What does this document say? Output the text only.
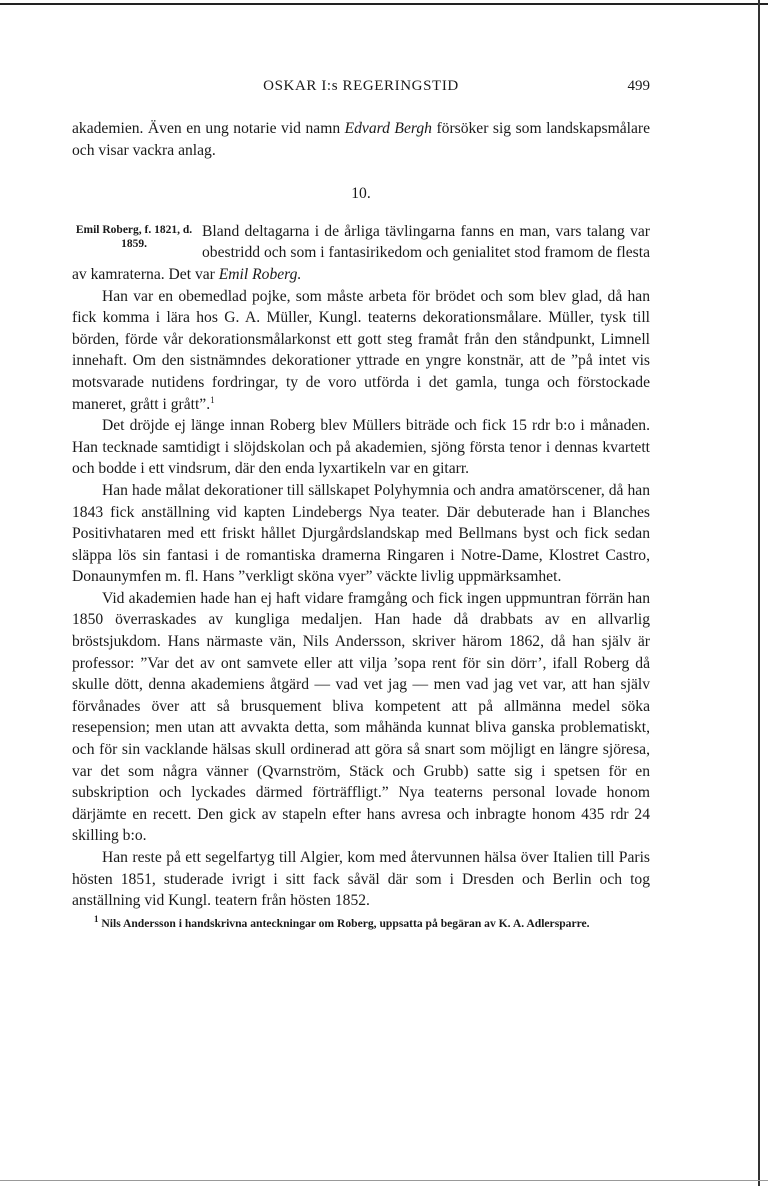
OSKAR I:s REGERINGSTID	499

akademien. Även en ung notarie vid namn Edvard Bergh försöker sig som landskapsmålare och visar vackra anlag.

10.

Emil Roberg, f. 1821, d. 1859.
Bland deltagarna i de årliga tävlingarna fanns en man, vars talang var obestridd och som i fantasirikedom och genialitet stod framom de flesta av kamraterna. Det var Emil Roberg.

Han var en obemedlad pojke, som måste arbeta för brödet och som blev glad, då han fick komma i lära hos G. A. Müller, Kungl. teaterns dekorationsmålare. Müller, tysk till börden, förde vår dekorationsmålarkonst ett gott steg framåt från den ståndpunkt, Limnell innehaft. Om den sistnämndes dekorationer yttrade en yngre konstnär, att de ”på intet vis motsvarade nutidens fordringar, ty de voro utförda i det gamla, tunga och förstockade maneret, grått i grått”.$^1$

Det dröjde ej länge innan Roberg blev Müllers biträde och fick 15 rdr b:o i månaden. Han tecknade samtidigt i slöjdskolan och på akademien, sjöng första tenor i dennas kvartett och bodde i ett vindsrum, där den enda lyxartikeln var en gitarr.

Han hade målat dekorationer till sällskapet Polyhymnia och andra amatörscener, då han 1843 fick anställning vid kapten Lindebergs Nya teater. Där debuterade han i Blanches Positivhataren med ett friskt hållet Djurgårdslandskap med Bellmans byst och fick sedan släppa lös sin fantasi i de romantiska dramerna Ringaren i Notre-Dame, Klostret Castro, Donaunymfen m. fl. Hans ”verkligt sköna vyer” väckte livlig uppmärksamhet.

Vid akademien hade han ej haft vidare framgång och fick ingen uppmuntran förrän han 1850 överraskades av kungliga medaljen. Han hade då drabbats av en allvarlig bröstsjukdom. Hans närmaste vän, Nils Andersson, skriver härom 1862, då han själv är professor: ”Var det av ont samvete eller att vilja ’sopa rent för sin dörr’, ifall Roberg då skulle dött, denna akademiens åtgärd — vad vet jag — men vad jag vet var, att han själv förvånades över att så brusquement bliva kompetent att på allmänna medel söka resepension; men utan att avvakta detta, som måhända kunnat bliva ganska problematiskt, och för sin vacklande hälsas skull ordinerad att göra så snart som möjligt en längre sjöresa, var det som några vänner (Qvarnström, Stäck och Grubb) satte sig i spetsen för en subskription och lyckades därmed förträffligt.” Nya teaterns personal lovade honom därjämte en recett. Den gick av stapeln efter hans avresa och inbragte honom 435 rdr 24 skilling b:o.

Han reste på ett segelfartyg till Algier, kom med återvunnen hälsa över Italien till Paris hösten 1851, studerade ivrigt i sitt fack såväl där som i Dresden och Berlin och tog anställning vid Kungl. teatern från hösten 1852.

$^1$ Nils Andersson i handskrivna anteckningar om Roberg, uppsatta på begäran av K. A. Adlersparre.
